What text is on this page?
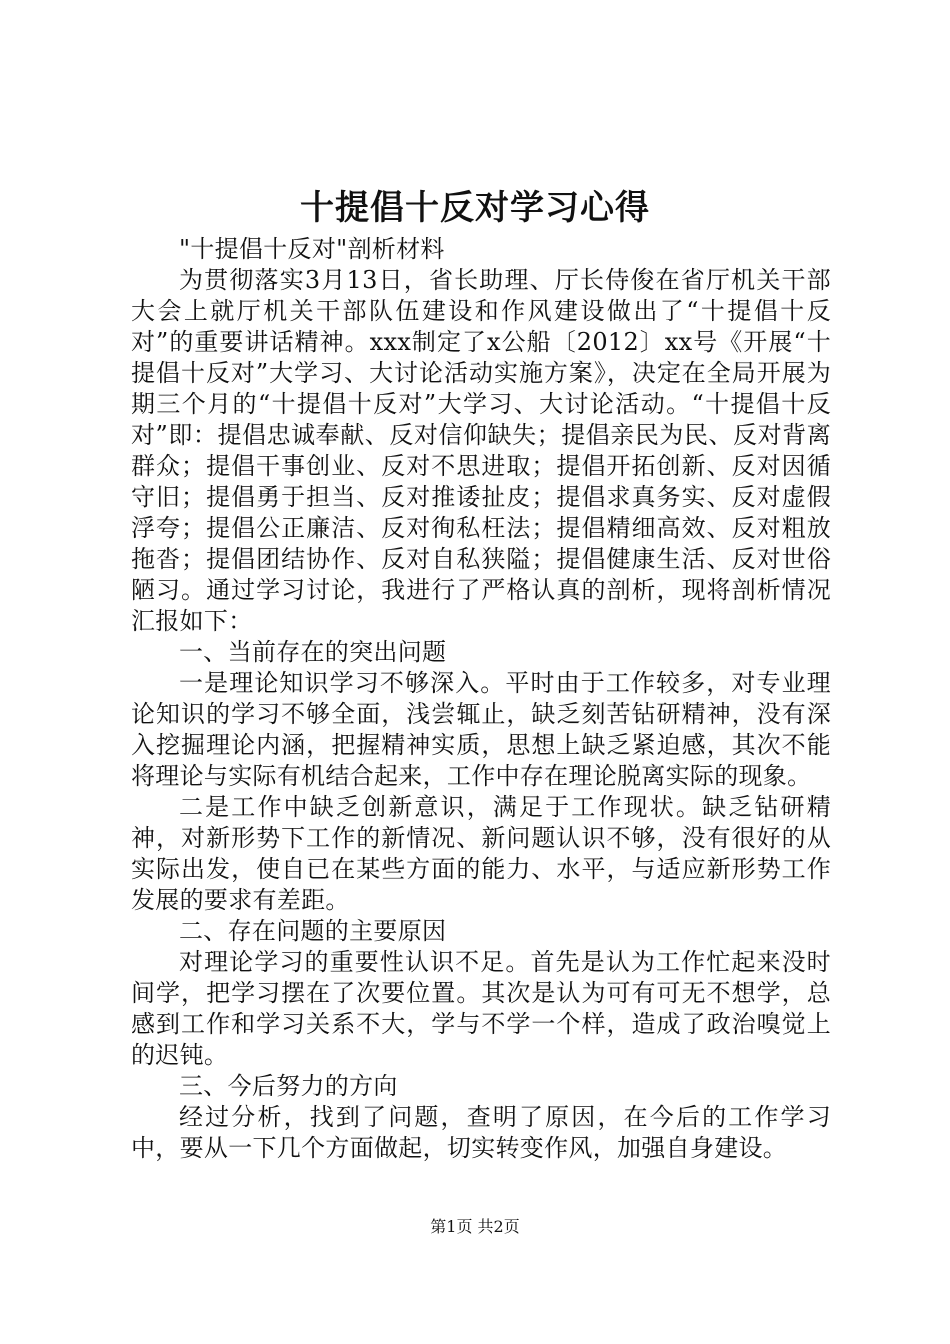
十提倡十反对学习心得

"十提倡十反对"剖析材料

为贯彻落实3月13日，省长助理、厅长侍俊在省厅机关干部大会上就厅机关干部队伍建设和作风建设做出了“十提倡十反对”的重要讲话精神。xxx制定了x公船〔2012〕xx号《开展“十提倡十反对”大学习、大讨论活动实施方案》，决定在全局开展为期三个月的“十提倡十反对”大学习、大讨论活动。“十提倡十反对”即：提倡忠诚奉献、反对信仰缺失；提倡亲民为民、反对背离群众；提倡干事创业、反对不思进取；提倡开拓创新、反对因循守旧；提倡勇于担当、反对推诿扯皮；提倡求真务实、反对虚假浮夸；提倡公正廉洁、反对徇私枉法；提倡精细高效、反对粗放拖沓；提倡团结协作、反对自私狭隘；提倡健康生活、反对世俗陋习。通过学习讨论，我进行了严格认真的剖析，现将剖析情况汇报如下：

一、当前存在的突出问题

一是理论知识学习不够深入。平时由于工作较多，对专业理论知识的学习不够全面，浅尝辄止，缺乏刻苦钻研精神，没有深入挖掘理论内涵，把握精神实质，思想上缺乏紧迫感，其次不能将理论与实际有机结合起来，工作中存在理论脱离实际的现象。

二是工作中缺乏创新意识，满足于工作现状。缺乏钻研精神，对新形势下工作的新情况、新问题认识不够，没有很好的从实际出发，使自已在某些方面的能力、水平，与适应新形势工作发展的要求有差距。

二、存在问题的主要原因

对理论学习的重要性认识不足。首先是认为工作忙起来没时间学，把学习摆在了次要位置。其次是认为可有可无不想学，总感到工作和学习关系不大，学与不学一个样，造成了政治嗅觉上的迟钝。

三、今后努力的方向

经过分析，找到了问题，查明了原因，在今后的工作学习中，要从一下几个方面做起，切实转变作风，加强自身建设。

第1页 共2页
